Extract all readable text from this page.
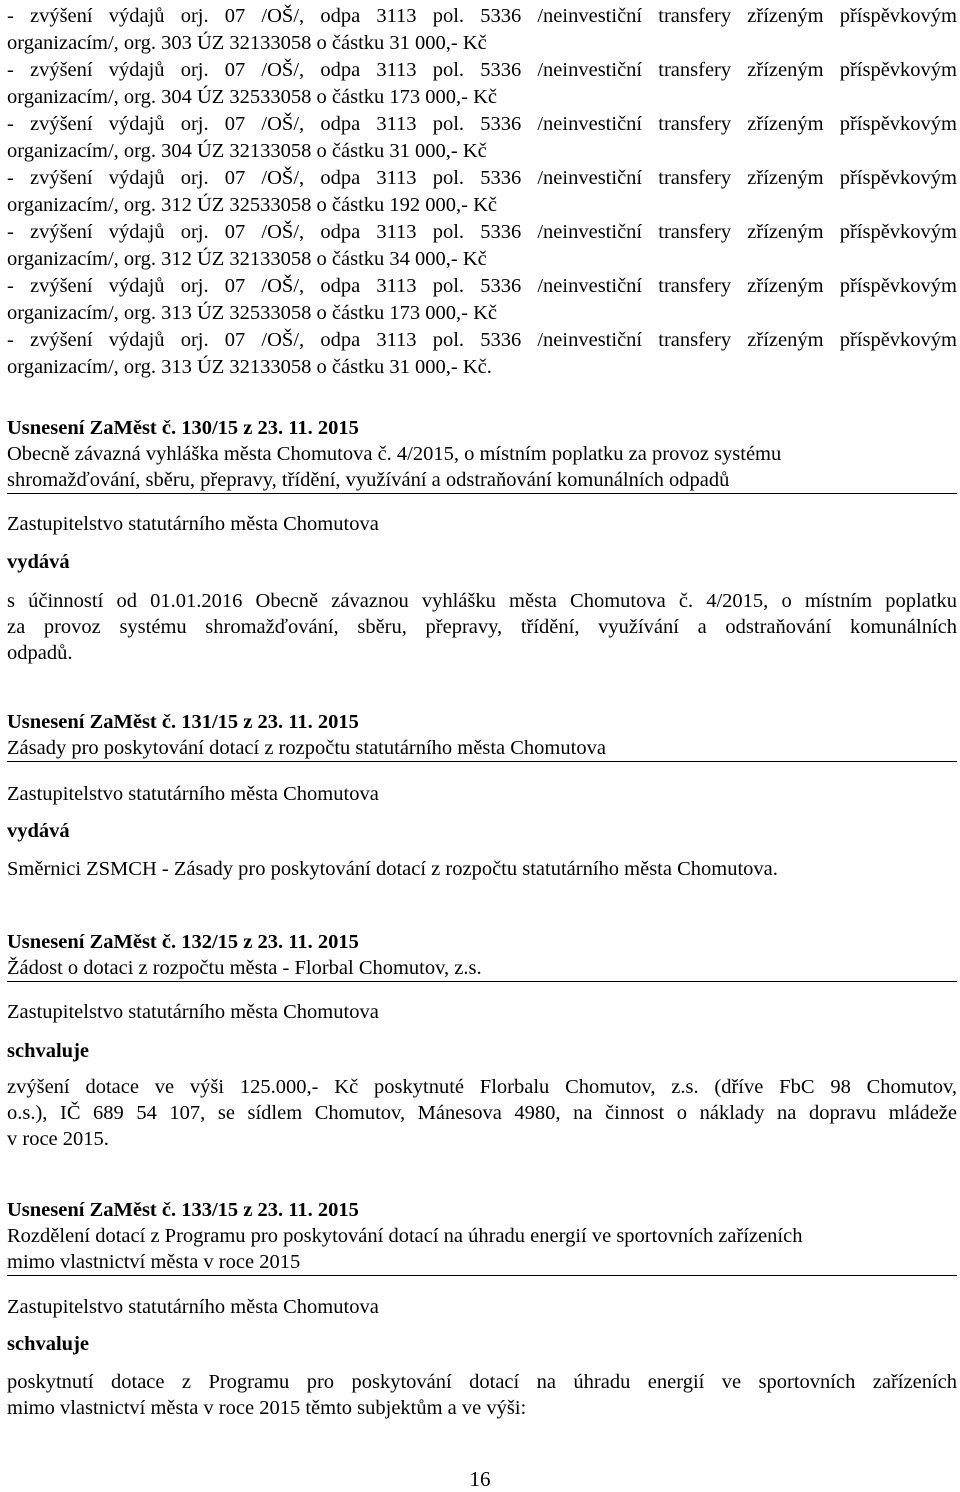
- zvýšení výdajů orj. 07 /OŠ/, odpa 3113 pol. 5336 /neinvestiční transfery zřízeným příspěvkovým
organizacím/, org. 303 ÚZ 32133058 o částku 31 000,- Kč
- zvýšení výdajů orj. 07 /OŠ/, odpa 3113 pol. 5336 /neinvestiční transfery zřízeným příspěvkovým
organizacím/, org. 304 ÚZ 32533058 o částku 173 000,- Kč
- zvýšení výdajů orj. 07 /OŠ/, odpa 3113 pol. 5336 /neinvestiční transfery zřízeným příspěvkovým
organizacím/, org. 304 ÚZ 32133058 o částku 31 000,- Kč
- zvýšení výdajů orj. 07 /OŠ/, odpa 3113 pol. 5336 /neinvestiční transfery zřízeným příspěvkovým
organizacím/, org. 312 ÚZ 32533058 o částku 192 000,- Kč
- zvýšení výdajů orj. 07 /OŠ/, odpa 3113 pol. 5336 /neinvestiční transfery zřízeným příspěvkovým
organizacím/, org. 312 ÚZ 32133058 o částku 34 000,- Kč
- zvýšení výdajů orj. 07 /OŠ/, odpa 3113 pol. 5336 /neinvestiční transfery zřízeným příspěvkovým
organizacím/, org. 313 ÚZ 32533058 o částku 173 000,- Kč
- zvýšení výdajů orj. 07 /OŠ/, odpa 3113 pol. 5336 /neinvestiční transfery zřízeným příspěvkovým
organizacím/, org. 313 ÚZ 32133058 o částku 31 000,- Kč.
Usnesení ZaMěst č. 130/15 z 23. 11. 2015
Obecně závazná vyhláška města Chomutova č. 4/2015, o místním poplatku za provoz systému
shromažďování, sběru, přepravy, třídění, využívání a odstraňování komunálních odpadů
Zastupitelstvo statutárního města Chomutova
vydává
s účinností od 01.01.2016 Obecně závaznou vyhlášku města Chomutova č. 4/2015, o místním poplatku
za provoz systému shromažďování, sběru, přepravy, třídění, využívání a odstraňování komunálních
odpadů.
Usnesení ZaMěst č. 131/15 z 23. 11. 2015
Zásady pro poskytování dotací z rozpočtu statutárního města Chomutova
Zastupitelstvo statutárního města Chomutova
vydává
Směrnici ZSMCH - Zásady pro poskytování dotací z rozpočtu statutárního města Chomutova.
Usnesení ZaMěst č. 132/15 z 23. 11. 2015
Žádost o dotaci z rozpočtu města - Florbal Chomutov, z.s.
Zastupitelstvo statutárního města Chomutova
schvaluje
zvýšení dotace ve výši 125.000,- Kč poskytnuté Florbalu Chomutov, z.s. (dříve FbC 98 Chomutov,
o.s.), IČ 689 54 107, se sídlem Chomutov, Mánesova 4980, na činnost o náklady na dopravu mládeže
v roce 2015.
Usnesení ZaMěst č. 133/15 z 23. 11. 2015
Rozdělení dotací z Programu pro poskytování dotací na úhradu energií ve sportovních zařízeních
mimo vlastnictví města v roce 2015
Zastupitelstvo statutárního města Chomutova
schvaluje
poskytnutí dotace z Programu pro poskytování dotací na úhradu energií ve sportovních zařízeních
mimo vlastnictví města v roce 2015 těmto subjektům a ve výši:
16
